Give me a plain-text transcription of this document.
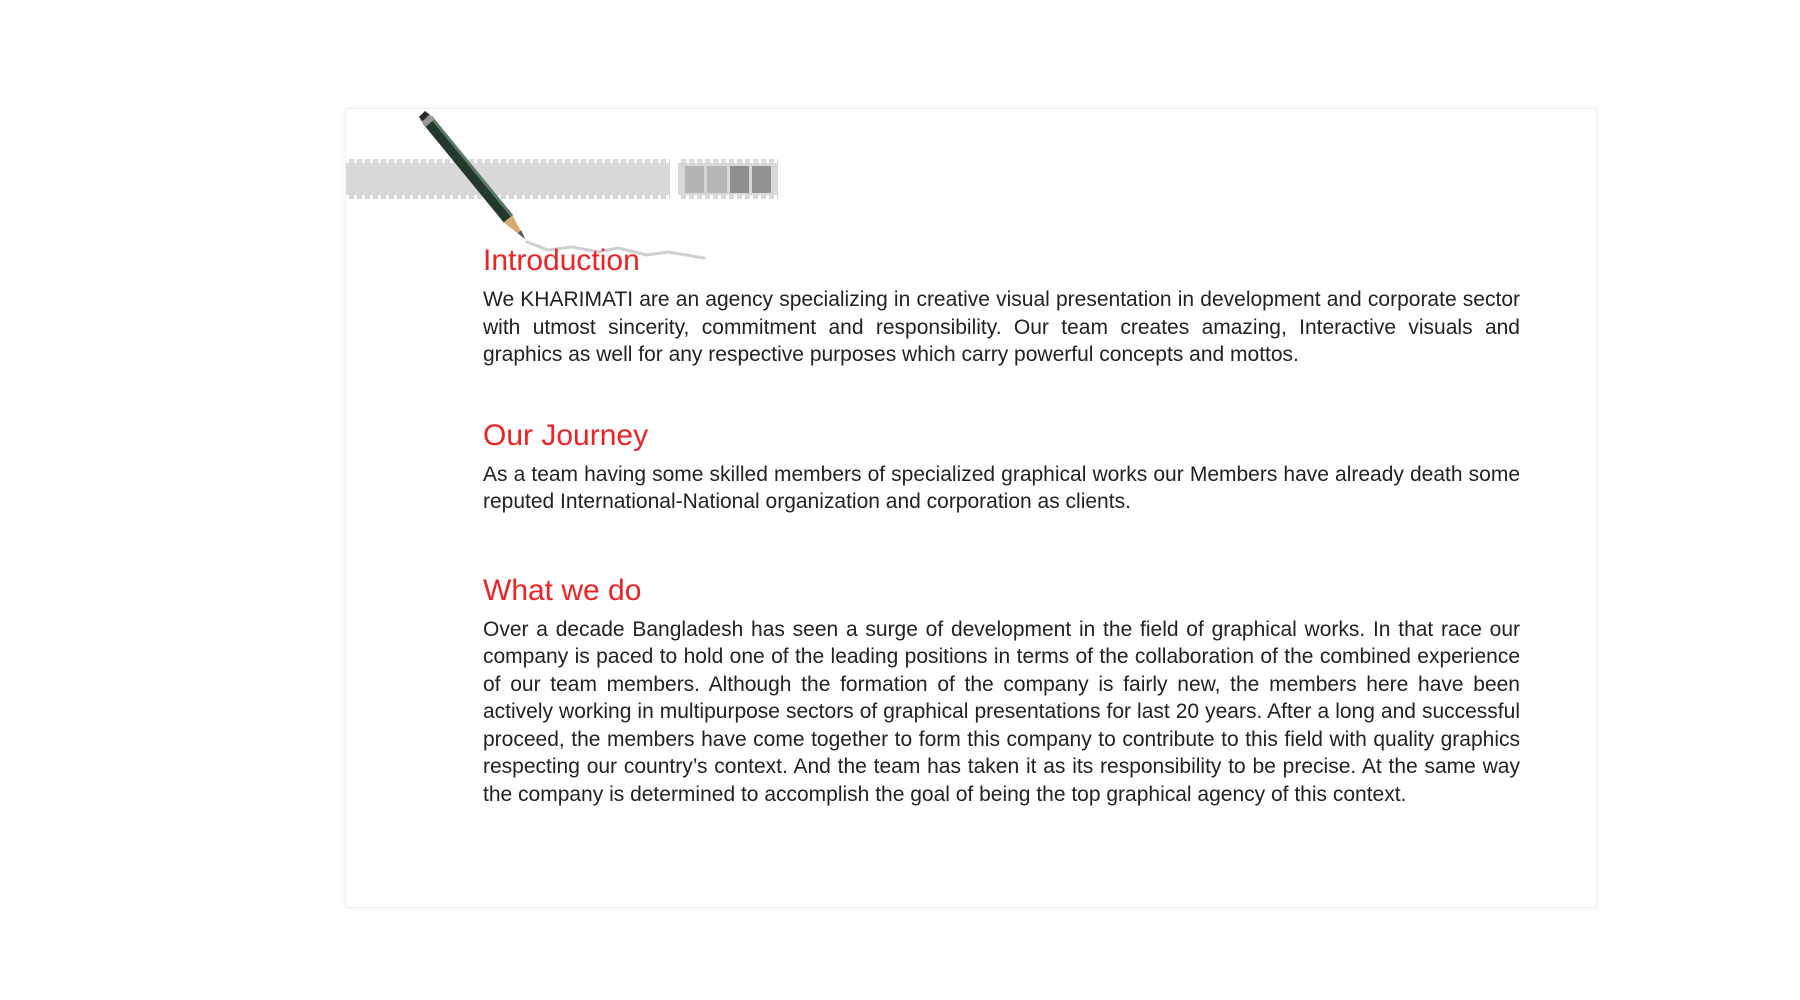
Introduction

We KHARIMATI are an agency specializing in creative visual presentation in development and corporate sector with utmost sincerity, commitment and responsibility. Our team creates amazing, Interactive visuals and graphics as well for any respective purposes which carry powerful concepts and mottos.

Our Journey

As a team having some skilled members of specialized graphical works our Members have already death some reputed International-National organization and corporation as clients.

What we do

Over a decade Bangladesh has seen a surge of development in the field of graphical works. In that race our company is paced to hold one of the leading positions in terms of the collaboration of the combined experience of our team members. Although the formation of the company is fairly new, the members here have been actively working in multipurpose sectors of graphical presentations for last 20 years. After a long and successful proceed, the members have come together to form this company to contribute to this field with quality graphics respecting our country’s context. And the team has taken it as its responsibility to be precise. At the same way the company is determined to accomplish the goal of being the top graphical agency of this context.
